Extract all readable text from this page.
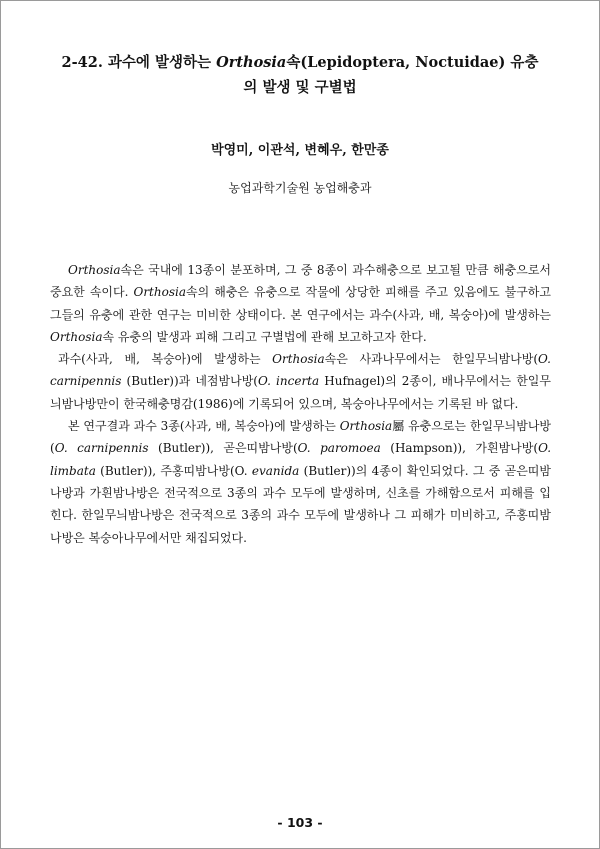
2-42. 과수에 발생하는 Orthosia속(Lepidoptera, Noctuidae) 유충의 발생 및 구별법

박영미, 이관석, 변혜우, 한만종

농업과학기술원 농업해충과

Orthosia속은 국내에 13종이 분포하며, 그 중 8종이 과수해충으로 보고될 만큼 해충으로서 중요한 속이다. Orthosia속의 해충은 유충으로 작물에 상당한 피해를 주고 있음에도 불구하고 그들의 유충에 관한 연구는 미비한 상태이다. 본 연구에서는 과수(사과, 배, 복숭아)에 발생하는 Orthosia속 유충의 발생과 피해 그리고 구별법에 관해 보고하고자 한다.

과수(사과, 배, 복숭아)에 발생하는 Orthosia속은 사과나무에서는 한일무늬밤나방(O. carnipennis (Butler))과 네점밤나방(O. incerta Hufnagel)의 2종이, 배나무에서는 한일무늬밤나방만이 한국해충명감(1986)에 기록되어 있으며, 복숭아나무에서는 기록된 바 없다.

본 연구결과 과수 3종(사과, 배, 복숭아)에 발생하는 Orthosia屬 유충으로는 한일무늬밤나방(O. carnipennis (Butler)), 곧은띠밤나방(O. paromoea (Hampson)), 가흰밤나방(O. limbata (Butler)), 주홍띠밤나방(O. evanida (Butler))의 4종이 확인되었다. 그 중 곧은띠밤나방과 가흰밤나방은 전국적으로 3종의 과수 모두에 발생하며, 신초를 가해함으로서 피해를 입힌다. 한일무늬밤나방은 전국적으로 3종의 과수 모두에 발생하나 그 피해가 미비하고, 주홍띠밤나방은 복숭아나무에서만 채집되었다.

- 103 -
